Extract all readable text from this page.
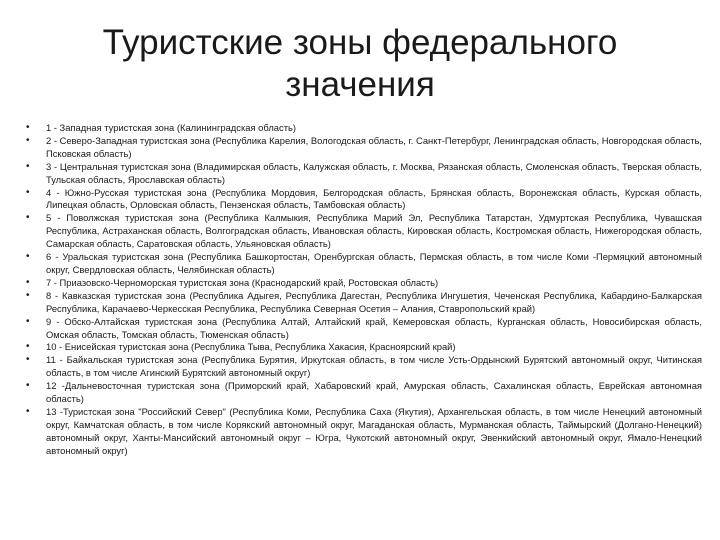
Туристские зоны федерального значения
•	1 - Западная туристская зона (Калининградская область)
•	2 - Северо-Западная туристская зона (Республика Карелия, Вологодская область, г. Санкт-Петербург, Ленинградская область, Новгородская область, Псковская область)
•	3 - Центральная туристская зона (Владимирская область, Калужская область, г. Москва, Рязанская область, Смоленская область, Тверская область, Тульская область, Ярославская область)
•	4 - Южно-Русская туристская зона (Республика Мордовия, Белгородская область, Брянская область, Воронежская область, Курская область, Липецкая область, Орловская область, Пензенская область, Тамбовская область)
•	5 - Поволжская туристская зона (Республика Калмыкия, Республика Марий Эл, Республика Татарстан, Удмуртская Республика, Чувашская Республика, Астраханская область, Волгоградская область, Ивановская область, Кировская область, Костромская область, Нижегородская область, Самарская область, Саратовская область, Ульяновская область)
•	6 - Уральская туристская зона (Республика Башкортостан, Оренбургская область, Пермская область, в том числе Коми -Пермяцкий автономный округ, Свердловская область, Челябинская область)
•	7 - Приазовско-Черноморская туристская зона (Краснодарский край, Ростовская область)
•	8 - Кавказская туристская зона (Республика Адыгея, Республика Дагестан, Республика Ингушетия, Чеченская Республика, Кабардино-Балкарская Республика, Карачаево-Черкесская Республика, Республика Северная Осетия – Алания, Ставропольский край)
•	9 - Обско-Алтайская туристская зона (Республика Алтай, Алтайский край, Кемеровская область, Курганская область, Новосибирская область, Омская область, Томская область, Тюменская область)
•	10 - Енисейская туристская зона (Республика Тыва, Республика Хакасия, Красноярский край)
•	11 - Байкальская туристская зона (Республика Бурятия, Иркутская область, в том числе Усть-Ордынский Бурятский автономный округ, Читинская область, в том числе Агинский Бурятский автономный округ)
•	12 -Дальневосточная туристская зона (Приморский край, Хабаровский край, Амурская область, Сахалинская область, Еврейская автономная область)
•	13 -Туристская зона "Российский Север" (Республика Коми, Республика Саха (Якутия), Архангельская область, в том числе Ненецкий автономный округ, Камчатская область, в том числе Корякский автономный округ, Магаданская область, Мурманская область, Таймырский (Долгано-Ненецкий) автономный округ, Ханты-Мансийский автономный округ – Югра, Чукотский автономный округ, Эвенкийский автономный округ, Ямало-Ненецкий автономный округ)
